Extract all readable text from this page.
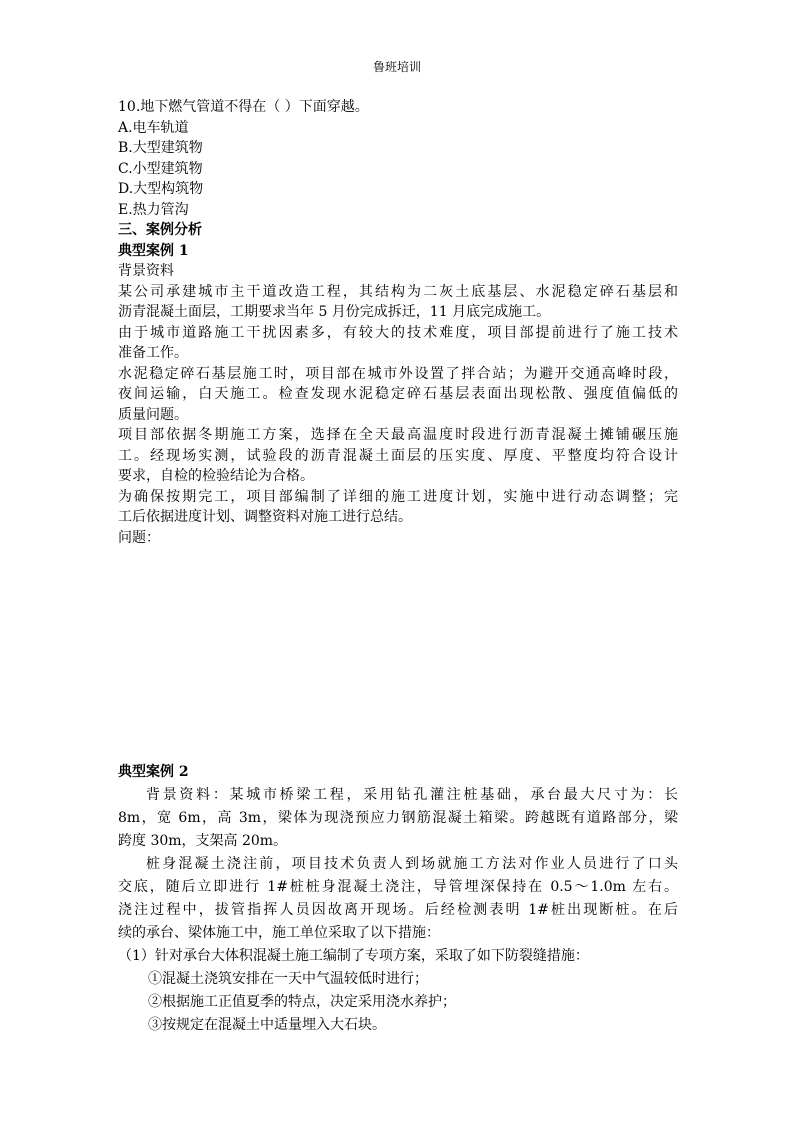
鲁班培训
10.地下燃气管道不得在（ ）下面穿越。
A.电车轨道
B.大型建筑物
C.小型建筑物
D.大型构筑物
E.热力管沟
三、案例分析
典型案例 1
背景资料
某公司承建城市主干道改造工程，其结构为二灰土底基层、水泥稳定碎石基层和
沥青混凝土面层，工期要求当年 5 月份完成拆迁，11 月底完成施工。
由于城市道路施工干扰因素多，有较大的技术难度，项目部提前进行了施工技术
准备工作。
水泥稳定碎石基层施工时，项目部在城市外设置了拌合站；为避开交通高峰时段，
夜间运输，白天施工。检查发现水泥稳定碎石基层表面出现松散、强度值偏低的
质量问题。
项目部依据冬期施工方案，选择在全天最高温度时段进行沥青混凝土摊铺碾压施
工。经现场实测，试验段的沥青混凝土面层的压实度、厚度、平整度均符合设计
要求，自检的检验结论为合格。
为确保按期完工，项目部编制了详细的施工进度计划，实施中进行动态调整；完
工后依据进度计划、调整资料对施工进行总结。
问题：
典型案例 2
背景资料：某城市桥梁工程，采用钻孔灌注桩基础，承台最大尺寸为：长
8m，宽 6m，高 3m，梁体为现浇预应力钢筋混凝土箱梁。跨越既有道路部分，梁
跨度 30m，支架高 20m。
桩身混凝土浇注前，项目技术负责人到场就施工方法对作业人员进行了口头
交底，随后立即进行 1#桩桩身混凝土浇注，导管埋深保持在 0.5～1.0m 左右。
浇注过程中，拔管指挥人员因故离开现场。后经检测表明 1#桩出现断桩。在后
续的承台、梁体施工中，施工单位采取了以下措施：
（1）针对承台大体积混凝土施工编制了专项方案，采取了如下防裂缝措施：
①混凝土浇筑安排在一天中气温较低时进行；
②根据施工正值夏季的特点，决定采用浇水养护；
③按规定在混凝土中适量埋入大石块。
